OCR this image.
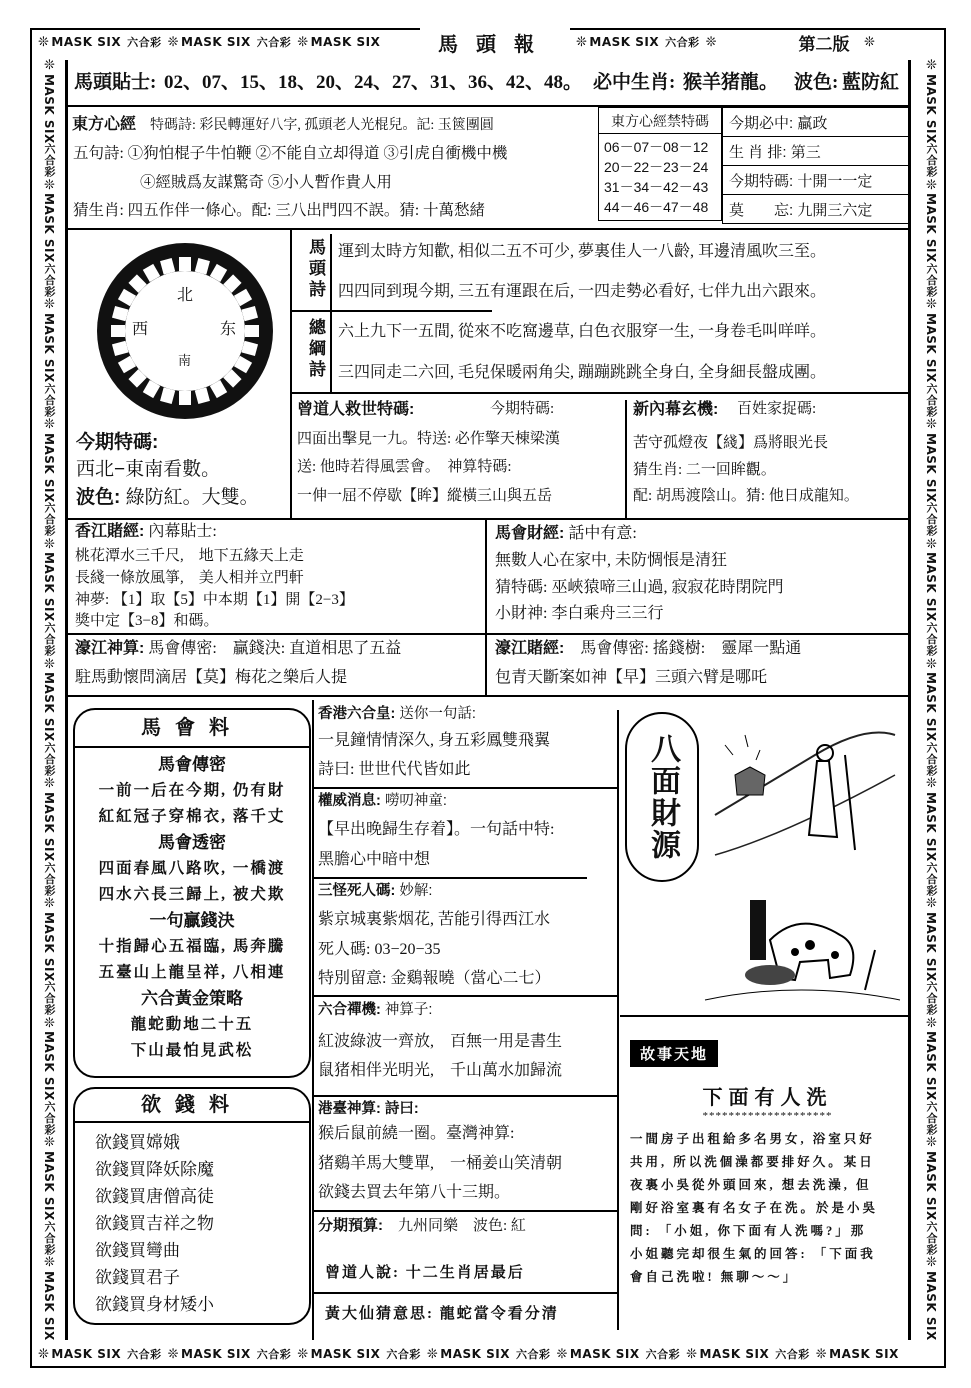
❊ MASK SIX 六合彩 ❊ MASK SIX 六合彩 ❊ MASK SIX	❊ MASK SIX 六合彩 ❊	❊
❊ MASK SIX 六合彩 ❊ MASK SIX 六合彩 ❊ MASK SIX 六合彩 ❊ MASK SIX 六合彩 ❊ MASK SIX 六合彩 ❊ MASK SIX 六合彩 ❊ MASK SIX
❊MASK SIX六合彩❊MASK SIX六合彩❊MASK SIX六合彩❊MASK SIX六合彩❊MASK SIX六合彩❊MASK SIX六合彩❊MASK SIX六合彩❊MASK SIX六合彩❊MASK SIX六合彩❊MASK SIX六合彩❊MASK SIX
❊MASK SIX六合彩❊MASK SIX六合彩❊MASK SIX六合彩❊MASK SIX六合彩❊MASK SIX六合彩❊MASK SIX六合彩❊MASK SIX六合彩❊MASK SIX六合彩❊MASK SIX六合彩❊MASK SIX六合彩❊MASK SIX
馬頭報	第二版
馬頭貼士: 02、07、15、18、20、24、27、31、36、42、48。 必中生肖: 猴羊猪龍。 波色: 藍防紅
東方心經 特碼詩: 彩民轉運好八字, 孤頭老人光棍兒。記: 玉篋團圓
五句詩: ①狗怕棍子牛怕鞭 ②不能自立却得道 ③引虎自衝機中機
④經賊爲友謀驚奇 ⑤小人暫作貴人用
猜生肖: 四五作伴一條心。配: 三八出門四不誤。猜: 十萬愁緒
東方心經禁特碼

06－07－08－12
20－22－23－24
31－34－42－43
44－46－47－48
今期必中: 贏政
生 肖 排: 第三
今期特碼: 十開一一定
莫　　忘: 九開三六定
北
西	东
南
今期特碼:
西北−東南看數。
波色: 綠防紅。大雙。
馬頭詩 運到太時方知歡, 相似二五不可少, 夢裏佳人一八齡, 耳邊清風吹三至。
四四同到現今期, 三五有運跟在后, 一四走勢必看好, 七伴九出六跟來。
總綱詩 六上九下一五間, 從來不吃窩邊草, 白色衣服穿一生, 一身卷毛叫咩咩。
三四同走二六回, 毛兒保暖兩角尖, 蹦蹦跳跳全身白, 全身細長盤成團。
曾道人救世特碼:	今期特碼:
四面出擊見一九。特送: 必作擎天棟梁漢
送: 他時若得風雲會。　神算特碼:
一伸一屈不停歇【眸】縱橫三山與五岳
新內幕玄機: 百姓家捉碼:
苦守孤燈夜【綫】爲將眼光長
猜生肖: 二一回眸觀。
配: 胡馬渡陰山。猜: 他日成龍知。
香江賭經: 內幕貼士:
桃花潭水三千尺,　地下五緣天上走
長綫一條放風箏,　美人相并立門軒
神夢: 【1】取【5】中本期【1】開【2−3】
獎中定【3−8】和碼。
馬會財經: 話中有意:
無數人心在家中, 未防惆悵是清狂
猜特碼: 巫峽猿啼三山過, 寂寂花時閉院門
小財神: 李白乘舟三三行
濠江神算: 馬會傳密:　贏錢決: 直道相思了五益
駐馬動懷問滴居【莫】梅花之樂后人提
濠江賭經:　 馬會傳密: 搖錢樹:　靈犀一點通
包青天斷案如神【早】三頭六臂是哪吒
馬會料
馬會傳密
一前一后在今期, 仍有財
紅紅冠子穿棉衣, 落千丈
馬會透密
四面春風八路吹, 一橋渡
四水六長三歸上, 被犬欺
一句贏錢決
十指歸心五福臨, 馬奔騰
五臺山上龍呈祥, 八相連
六合黃金策略
龍蛇動地二十五
下山最怕見武松
欲錢料
欲錢買嫦娥
欲錢買降妖除魔
欲錢買唐僧高徒
欲錢買吉祥之物
欲錢買彎曲
欲錢買君子
欲錢買身材矮小
香港六合皇: 送你一句話:
一見鐘情情深久, 身五彩鳳雙飛翼
詩曰: 世世代代皆如此
權威消息: 嘮叨神童:
【早出晚歸生存着】。一句話中特:
黑膽心中暗中想
三怪死人碼: 妙解:
紫京城裏紫烟花, 苦能引得西江水
死人碼: 03−20−35
特別留意: 金鷄報曉（當心二七）
六合禪機: 神算子:
紅波綠波一齊放,　百無一用是書生
鼠猪相伴光明光,　千山萬水加歸流
港臺神算: 詩曰:
猴后鼠前繞一圈。臺灣神算:
猪鷄羊馬大雙單,　一桶姜山笑清朝
欲錢去買去年第八十三期。
分期預算:　 九州同樂　波色: 紅
曾道人說: 十二生肖居最后
黃大仙猜意思: 龍蛇當令看分清
八面財源
故事天地
下面有人洗
********************

一間房子出租給多名男女, 浴室只好

共用, 所以洗個澡都要排好久。某日

夜裏小吳從外頭回來, 想去洗澡, 但

剛好浴室裏有名女子在洗。於是小吳

問: 「小姐, 你下面有人洗嗎?」那

小姐聽完却很生氣的回答: 「下面我

會自己洗啦! 無聊～～」
